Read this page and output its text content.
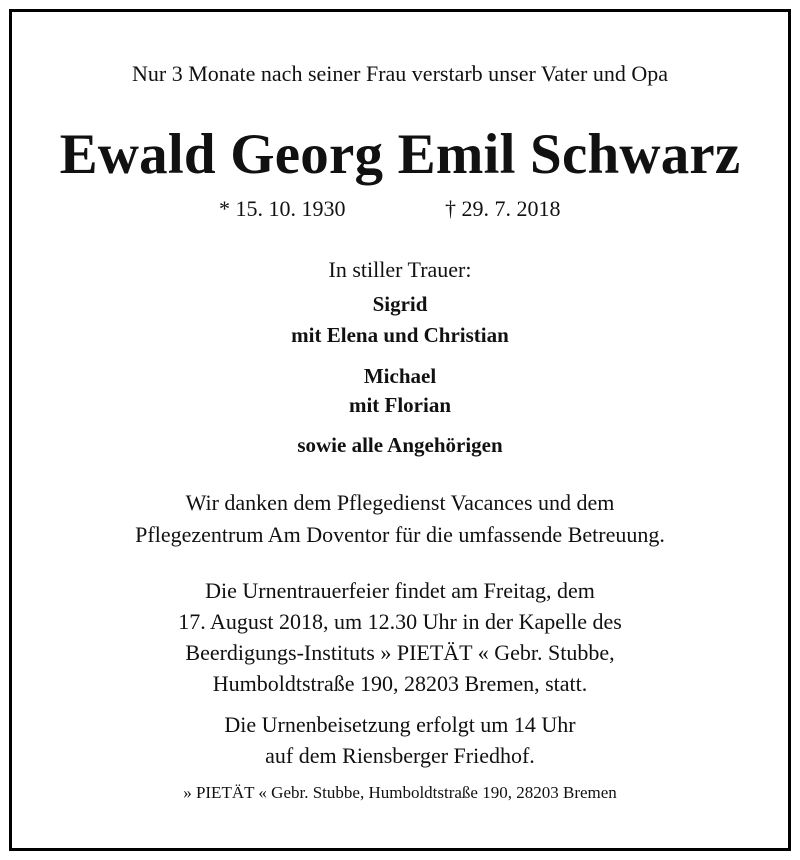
Nur 3 Monate nach seiner Frau verstarb unser Vater und Opa
Ewald Georg Emil Schwarz
* 15. 10. 1930	† 29. 7. 2018
In stiller Trauer:
Sigrid
mit Elena und Christian
Michael
mit Florian
sowie alle Angehörigen
Wir danken dem Pflegedienst Vacances und dem
Pflegezentrum Am Doventor für die umfassende Betreuung.
Die Urnentrauerfeier findet am Freitag, dem
17. August 2018, um 12.30 Uhr in der Kapelle des
Beerdigungs-Instituts » PIETÄT « Gebr. Stubbe,
Humboldtstraße 190, 28203 Bremen, statt.
Die Urnenbeisetzung erfolgt um 14 Uhr
auf dem Riensberger Friedhof.
» PIETÄT « Gebr. Stubbe, Humboldtstraße 190, 28203 Bremen
